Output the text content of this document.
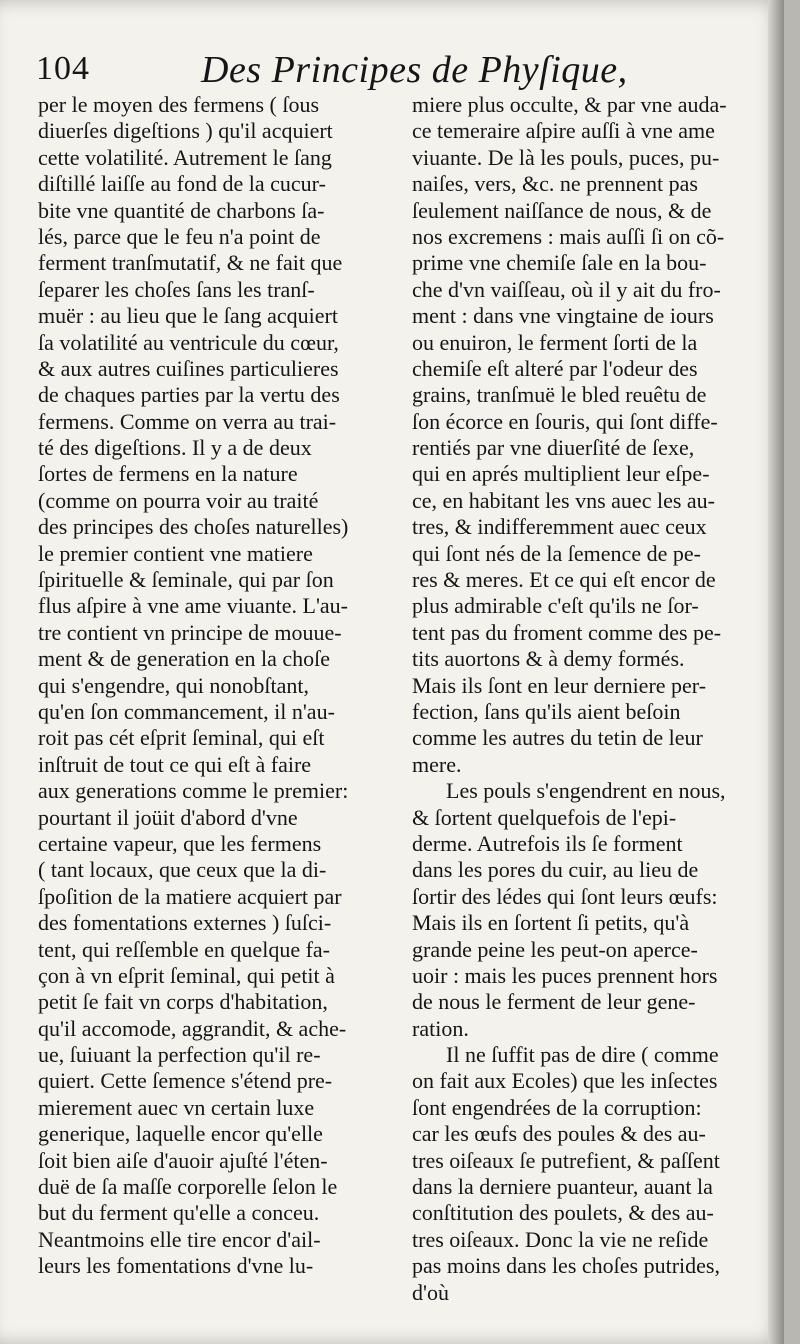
104	Des Principes de Phyſique,
per le moyen des fermens ( ſous
diuerſes digeſtions ) qu'il acquiert
cette volatilité. Autrement le ſang
diſtillé laiſſe au fond de la cucur-
bite vne quantité de charbons ſa-
lés, parce que le feu n'a point de
ferment tranſmutatif, & ne fait que
ſeparer les choſes ſans les tranſ-
muër : au lieu que le ſang acquiert
ſa volatilité au ventricule du cœur,
& aux autres cuiſines particulieres
de chaques parties par la vertu des
fermens. Comme on verra au trai-
té des digeſtions. Il y a de deux
ſortes de fermens en la nature
(comme on pourra voir au traité
des principes des choſes naturelles)
le premier contient vne matiere
ſpirituelle & ſeminale, qui par ſon
flus aſpire à vne ame viuante. L'au-
tre contient vn principe de mouue-
ment & de generation en la choſe
qui s'engendre, qui nonobſtant,
qu'en ſon commancement, il n'au-
roit pas cét eſprit ſeminal, qui eſt
inſtruit de tout ce qui eſt à faire
aux generations comme le premier:
pourtant il joüit d'abord d'vne
certaine vapeur, que les fermens
( tant locaux, que ceux que la di-
ſpoſition de la matiere acquiert par
des fomentations externes ) ſuſci-
tent, qui reſſemble en quelque fa-
çon à vn eſprit ſeminal, qui petit à
petit ſe fait vn corps d'habitation,
qu'il accomode, aggrandit, & ache-
ue, ſuiuant la perfection qu'il re-
quiert. Cette ſemence s'étend pre-
mierement auec vn certain luxe
generique, laquelle encor qu'elle
ſoit bien aiſe d'auoir ajuſté l'éten-
duë de ſa maſſe corporelle ſelon le
but du ferment qu'elle a conceu.
Neantmoins elle tire encor d'ail-
leurs les fomentations d'vne lu-
miere plus occulte, & par vne auda-
ce temeraire aſpire auſſi à vne ame
viuante. De là les pouls, puces, pu-
naiſes, vers, &c. ne prennent pas
ſeulement naiſſance de nous, & de
nos excremens : mais auſſi ſi on cõ-
prime vne chemiſe ſale en la bou-
che d'vn vaiſſeau, où il y ait du fro-
ment : dans vne vingtaine de iours
ou enuiron, le ferment ſorti de la
chemiſe eſt alteré par l'odeur des
grains, tranſmuë le bled reuêtu de
ſon écorce en ſouris, qui ſont diffe-
rentiés par vne diuerſité de ſexe,
qui en aprés multiplient leur eſpe-
ce, en habitant les vns auec les au-
tres, & indifferemment auec ceux
qui ſont nés de la ſemence de pe-
res & meres. Et ce qui eſt encor de
plus admirable c'eſt qu'ils ne ſor-
tent pas du froment comme des pe-
tits auortons & à demy formés.
Mais ils ſont en leur derniere per-
fection, ſans qu'ils aient beſoin
comme les autres du tetin de leur
mere.
Les pouls s'engendrent en nous,
& ſortent quelquefois de l'epi-
derme. Autrefois ils ſe forment
dans les pores du cuir, au lieu de
ſortir des lédes qui ſont leurs œufs:
Mais ils en ſortent ſi petits, qu'à
grande peine les peut-on aperce-
uoir : mais les puces prennent hors
de nous le ferment de leur gene-
ration.
Il ne ſuffit pas de dire ( comme
on fait aux Ecoles) que les inſectes
ſont engendrées de la corruption:
car les œufs des poules & des au-
tres oiſeaux ſe putrefient, & paſſent
dans la derniere puanteur, auant la
conſtitution des poulets, & des au-
tres oiſeaux. Donc la vie ne reſide
pas moins dans les choſes putrides,
d'où
